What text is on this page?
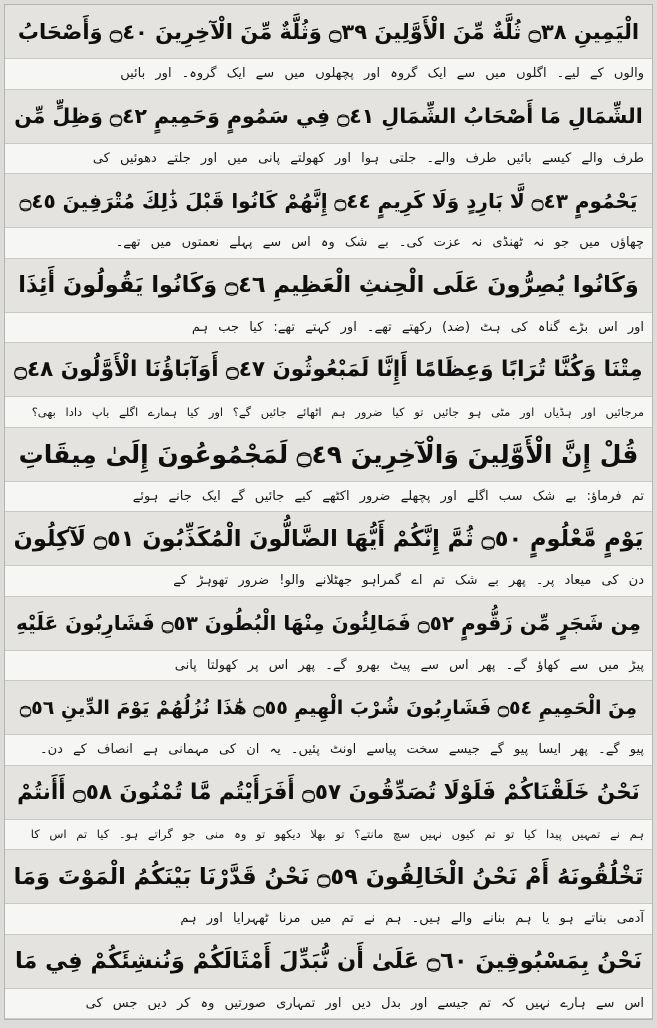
الْيَمِينِ ۝٣٨ ثُلَّةٌ مِّنَ الْأَوَّلِينَ ۝٣٩ وَثُلَّةٌ مِّنَ الْآخِرِينَ ۝٤٠ وَأَصْحَابُ
والوں کے لیے۔ اگلوں میں سے ایک گروہ اور پچھلوں میں سے ایک گروہ۔ اور بائیں
الشِّمَالِ مَا أَصْحَابُ الشِّمَالِ ۝٤١ فِي سَمُومٍ وَحَمِيمٍ ۝٤٢ وَظِلٍّ مِّن
طرف والے کیسے بائیں طرف والے۔ جلتی ہوا اور کھولتے پانی میں اور جلتے دھوئیں کی
يَحْمُومٍ ۝٤٣ لَّا بَارِدٍ وَلَا كَرِيمٍ ۝٤٤ إِنَّهُمْ كَانُوا قَبْلَ ذَٰلِكَ مُتْرَفِينَ ۝٤٥
چھاؤں میں جو نہ ٹھنڈی نہ عزت کی۔ بے شک وہ اس سے پہلے نعمتوں میں تھے۔
وَكَانُوا يُصِرُّونَ عَلَى الْحِنثِ الْعَظِيمِ ۝٤٦ وَكَانُوا يَقُولُونَ أَئِذَا
اور اس بڑے گناہ کی ہٹ (ضد) رکھتے تھے۔ اور کہتے تھے: کیا جب ہم
مِتْنَا وَكُنَّا تُرَابًا وَعِظَامًا أَإِنَّا لَمَبْعُوثُونَ ۝٤٧ أَوَآبَاؤُنَا الْأَوَّلُونَ ۝٤٨
مرجائیں اور ہڈیاں اور مٹی ہو جائیں تو کیا ضرور ہم اٹھائے جائیں گے؟ اور کیا ہمارے اگلے باپ دادا بھی؟
قُلْ إِنَّ الْأَوَّلِينَ وَالْآخِرِينَ ۝٤٩ لَمَجْمُوعُونَ إِلَىٰ مِيقَاتِ
تم فرماؤ: بے شک سب اگلے اور پچھلے ضرور اکٹھے کیے جائیں گے ایک جانے ہوئے
يَوْمٍ مَّعْلُومٍ ۝٥٠ ثُمَّ إِنَّكُمْ أَيُّهَا الضَّالُّونَ الْمُكَذِّبُونَ ۝٥١ لَآكِلُونَ
دن کی میعاد پر۔ پھر بے شک تم اے گمراہو جھٹلانے والو! ضرور تھوہڑ کے
مِن شَجَرٍ مِّن زَقُّومٍ ۝٥٢ فَمَالِئُونَ مِنْهَا الْبُطُونَ ۝٥٣ فَشَارِبُونَ عَلَيْهِ
پیڑ میں سے کھاؤ گے۔ پھر اس سے پیٹ بھرو گے۔ پھر اس پر کھولتا پانی
مِنَ الْحَمِيمِ ۝٥٤ فَشَارِبُونَ شُرْبَ الْهِيمِ ۝٥٥ هَٰذَا نُزُلُهُمْ يَوْمَ الدِّينِ ۝٥٦
پیو گے۔ پھر ایسا پیو گے جیسے سخت پیاسے اونٹ پئیں۔ یہ ان کی مہمانی ہے انصاف کے دن۔
نَحْنُ خَلَقْنَاكُمْ فَلَوْلَا تُصَدِّقُونَ ۝٥٧ أَفَرَأَيْتُم مَّا تُمْنُونَ ۝٥٨ أَأَنتُمْ
ہم نے تمہیں پیدا کیا تو تم کیوں نہیں سچ مانتے؟ تو بھلا دیکھو تو وہ منی جو گراتے ہو۔ کیا تم اس کا
تَخْلُقُونَهُ أَمْ نَحْنُ الْخَالِقُونَ ۝٥٩ نَحْنُ قَدَّرْنَا بَيْنَكُمُ الْمَوْتَ وَمَا
آدمی بناتے ہو یا ہم بنانے والے ہیں۔ ہم نے تم میں مرنا ٹھہرایا اور ہم
نَحْنُ بِمَسْبُوقِينَ ۝٦٠ عَلَىٰ أَن نُّبَدِّلَ أَمْثَالَكُمْ وَنُنشِئَكُمْ فِي مَا
اس سے ہارے نہیں کہ تم جیسے اور بدل دیں اور تمہاری صورتیں وہ کر دیں جس کی
